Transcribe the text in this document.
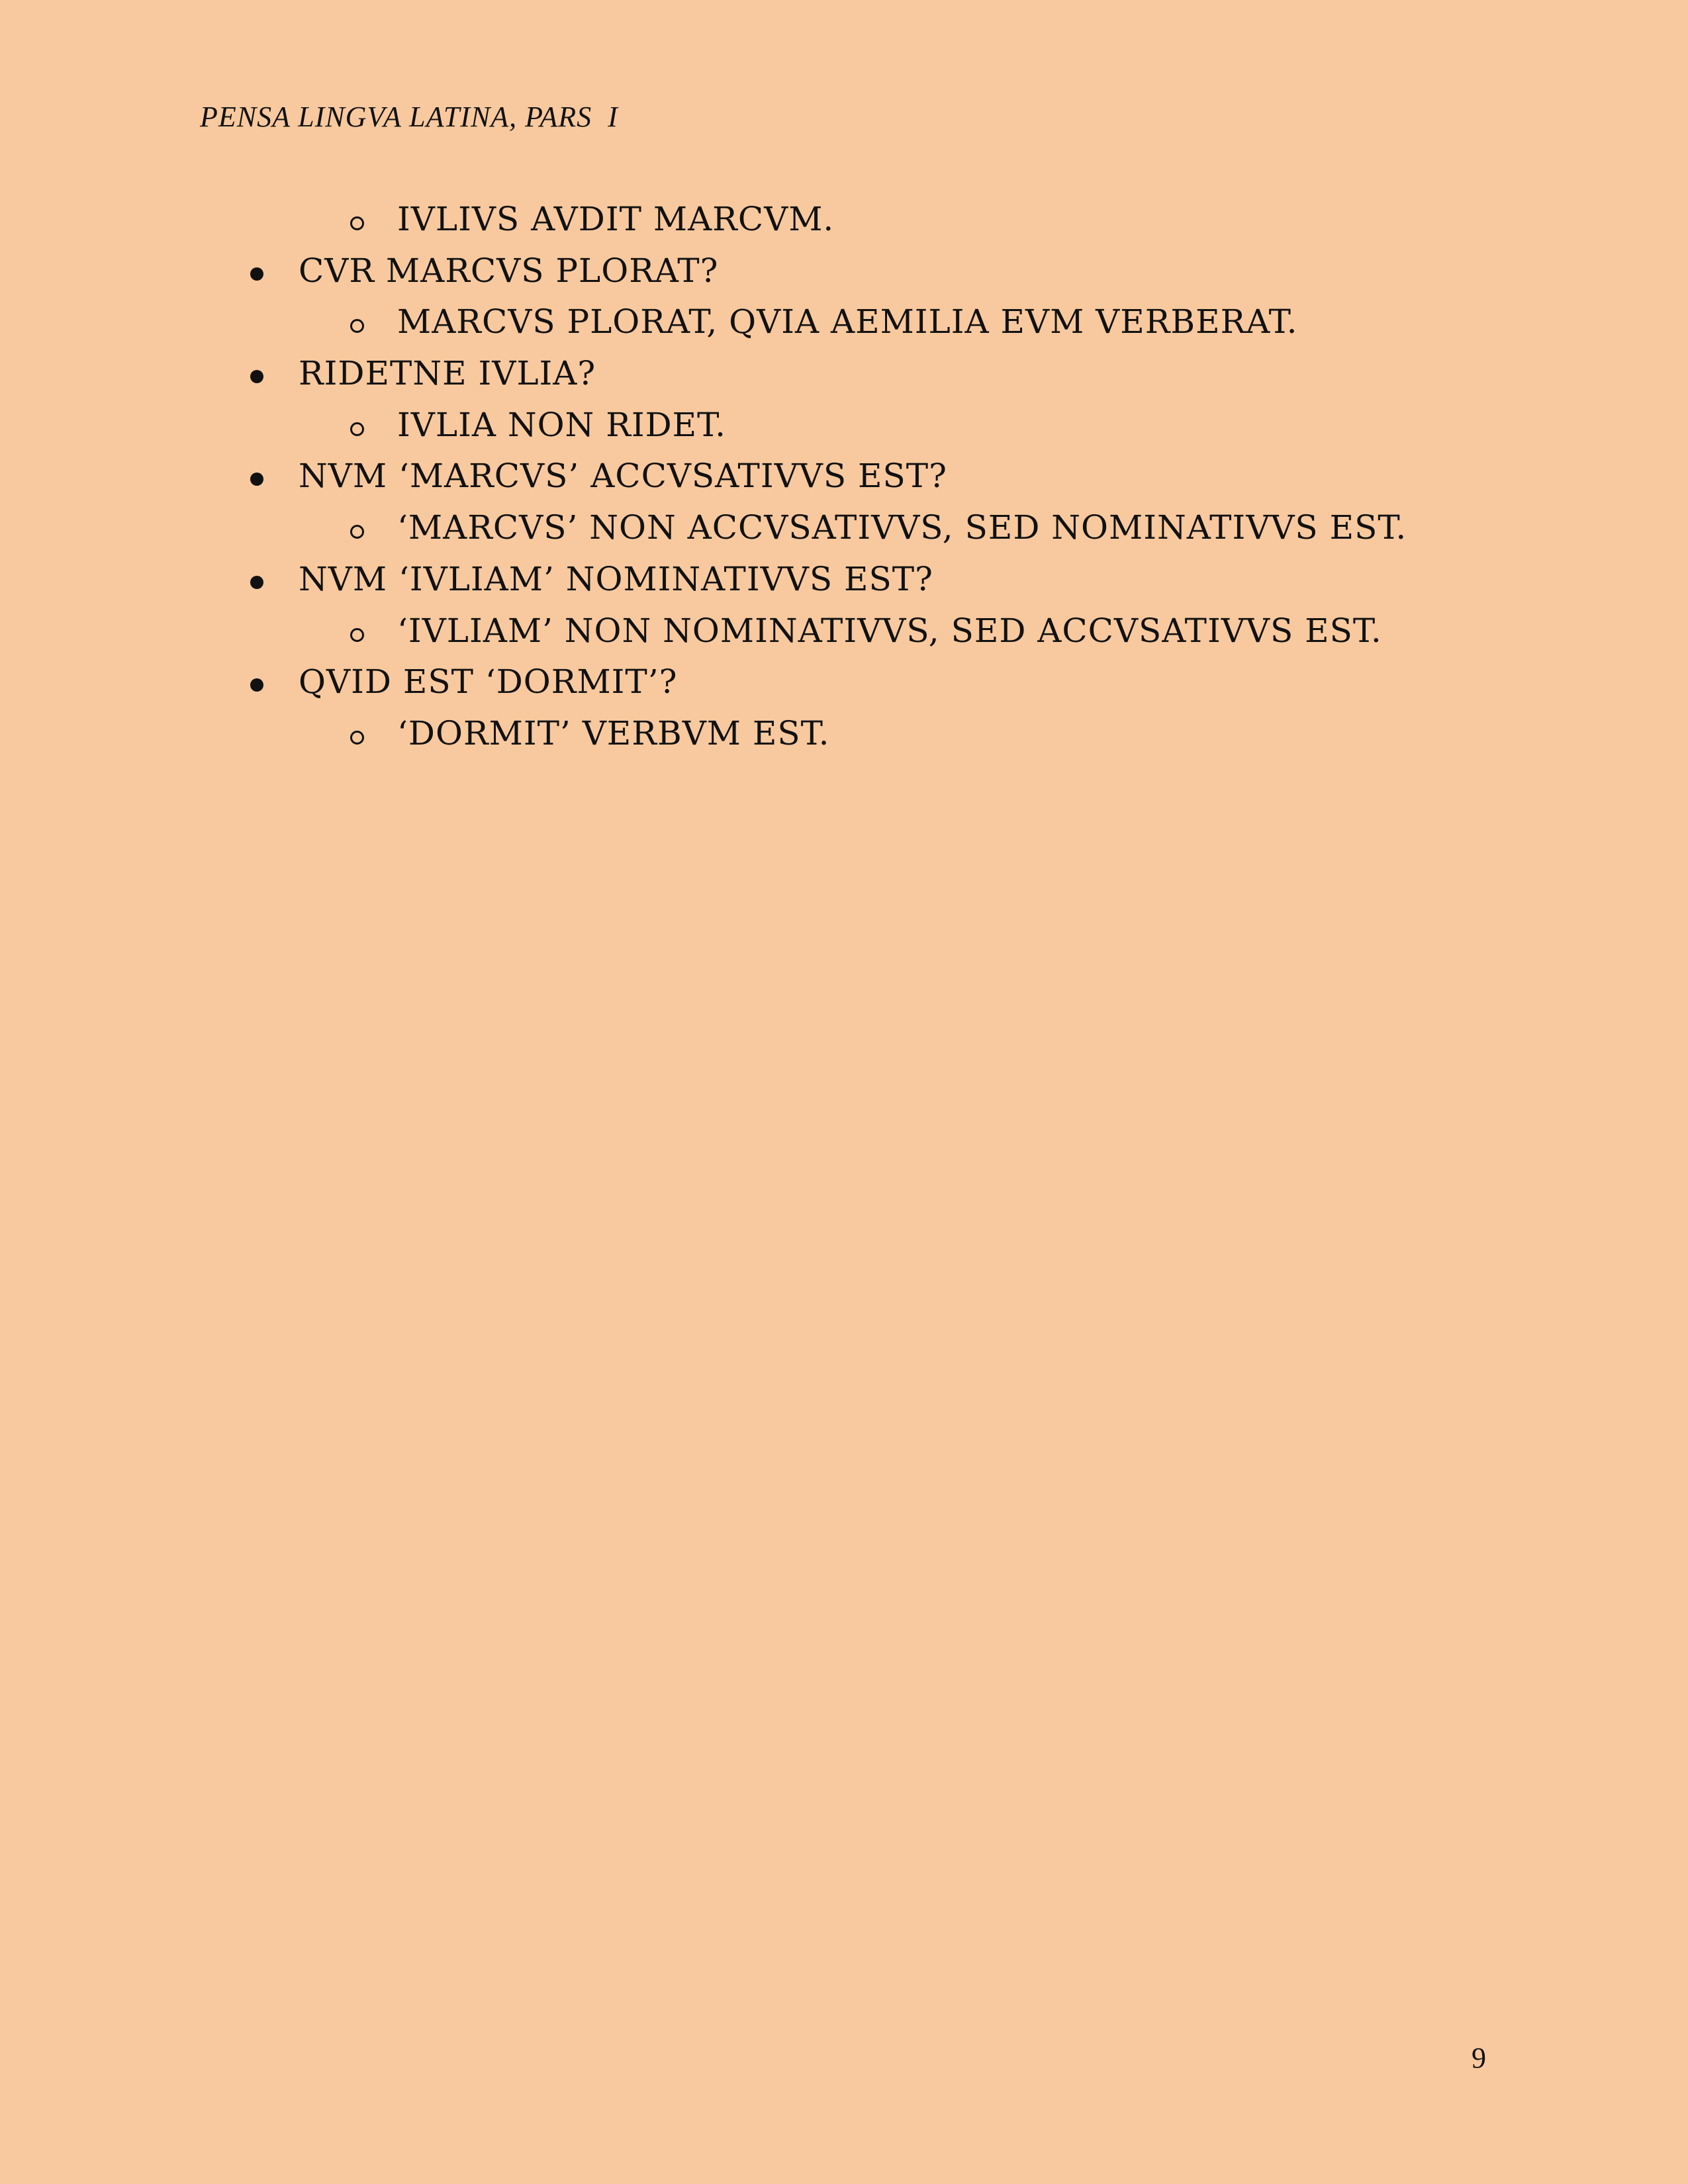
PENSA LINGVA LATINA, PARS  I
IVLIVS AVDIT MARCVM.
CVR MARCVS PLORAT?
MARCVS PLORAT, QVIA AEMILIA EVM VERBERAT.
RIDETNE IVLIA?
IVLIA NON RIDET.
NVM ‘MARCVS’ ACCVSATIVVS EST?
‘MARCVS’ NON ACCVSATIVVS, SED NOMINATIVVS EST.
NVM ‘IVLIAM’ NOMINATIVVS EST?
‘IVLIAM’ NON NOMINATIVVS, SED ACCVSATIVVS EST.
QVID EST ‘DORMIT’?
‘DORMIT’ VERBVM EST.
9
